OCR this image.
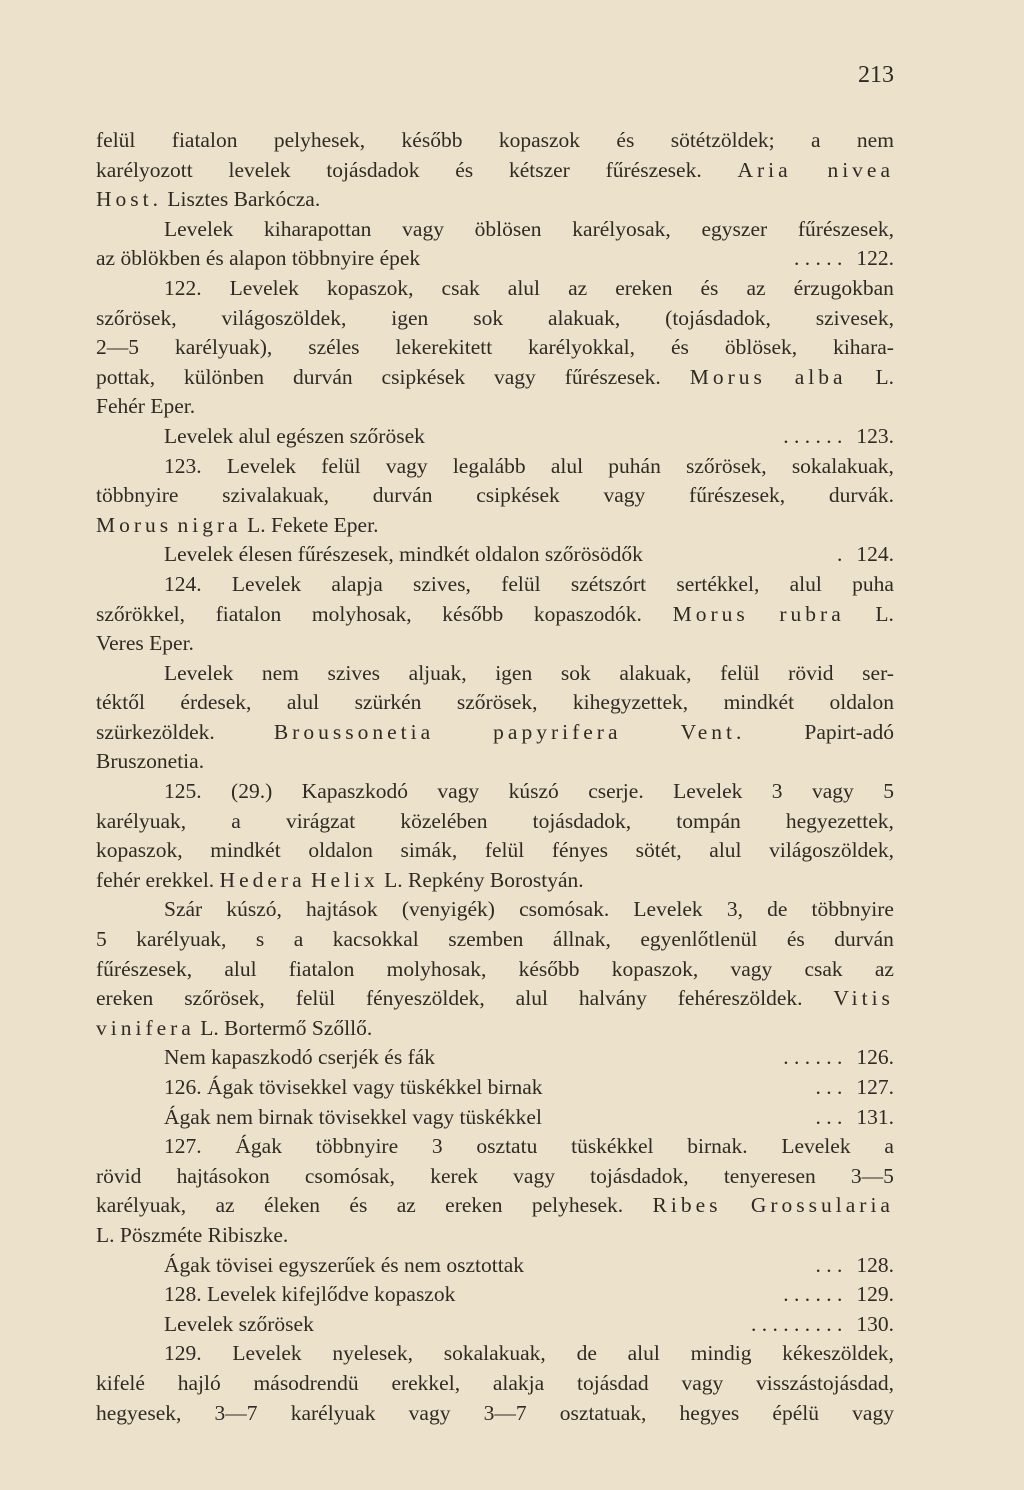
213
felül fiatalon pelyhesek, később kopaszok és sötétzöldek; a nem
karélyozott levelek tojásdadok és kétszer fűrészesek. Aria nivea
Host.
Lisztes
Barkócza.
Levelek kiharapottan vagy öblösen karélyosak, egyszer fűrészesek,
az öblökben és alapon többnyire épek	. . . . . 122.
122. Levelek kopaszok, csak alul az ereken és az érzugokban
szőrösek, világoszöldek, igen sok alakuak, (tojásdadok, szivesek,
2—5 karélyuak), széles lekerekitett karélyokkal, és öblösek, kihara-
pottak, különben durván csipkések vagy fűrészesek. Morus alba L.
Fehér
Eper.
Levelek alul egészen szőrösek	. . . . . . 123.
123. Levelek felül vagy legalább alul puhán szőrösek, sokalakuak,
többnyire szivalakuak, durván csipkések vagy fűrészesek, durvák.
Morus
nigra
L.
Fekete
Eper.
Levelek élesen fűrészesek, mindkét oldalon szőrösödők	. 124.
124. Levelek alapja szives, felül szétszórt sertékkel, alul puha
szőrökkel, fiatalon molyhosak, később kopaszodók. Morus rubra L.
Veres
Eper.
Levelek nem szives aljuak, igen sok alakuak, felül rövid ser-
téktől érdesek, alul szürkén szőrösek, kihegyzettek, mindkét oldalon
szürkezöldek.	Broussonetia	papyrifera	Vent.	Papirt-adó
Bruszonetia.
125. (29.) Kapaszkodó vagy kúszó cserje. Levelek 3 vagy 5
karélyuak, a virágzat közelében tojásdadok, tompán hegyezettek,
kopaszok, mindkét oldalon simák, felül fényes sötét, alul világoszöldek,
fehér
erekkel.
Hedera
Helix
L.
Repkény
Borostyán.
Szár kúszó, hajtások (venyigék) csomósak. Levelek 3, de többnyire
5 karélyuak, s a kacsokkal szemben állnak, egyenlőtlenül és durván
fűrészesek, alul fiatalon molyhosak, később kopaszok, vagy csak az
ereken szőrösek, felül fényeszöldek, alul halvány fehéreszöldek. Vitis
vinifera
L.
Bortermő
Szőllő.
Nem kapaszkodó cserjék és fák	. . . . . . 126.
126. Ágak tövisekkel vagy tüskékkel birnak	. . . 127.
Ágak nem birnak tövisekkel vagy tüskékkel	. . . 131.
127. Ágak többnyire 3 osztatu tüskékkel birnak. Levelek a
rövid hajtásokon csomósak, kerek vagy tojásdadok, tenyeresen 3—5
karélyuak, az éleken és az ereken pelyhesek. Ribes Grossularia
L.
Pöszméte
Ribiszke.
Ágak tövisei egyszerűek és nem osztottak	. . . 128.
128. Levelek kifejlődve kopaszok	. . . . . . 129.
Levelek szőrösek	. . . . . . . . . 130.
129. Levelek nyelesek, sokalakuak, de alul mindig kékeszöldek,
kifelé hajló másodrendü erekkel, alakja tojásdad vagy visszástojásdad,
hegyesek, 3—7 karélyuak vagy 3—7 osztatuak, hegyes épélü vagy
